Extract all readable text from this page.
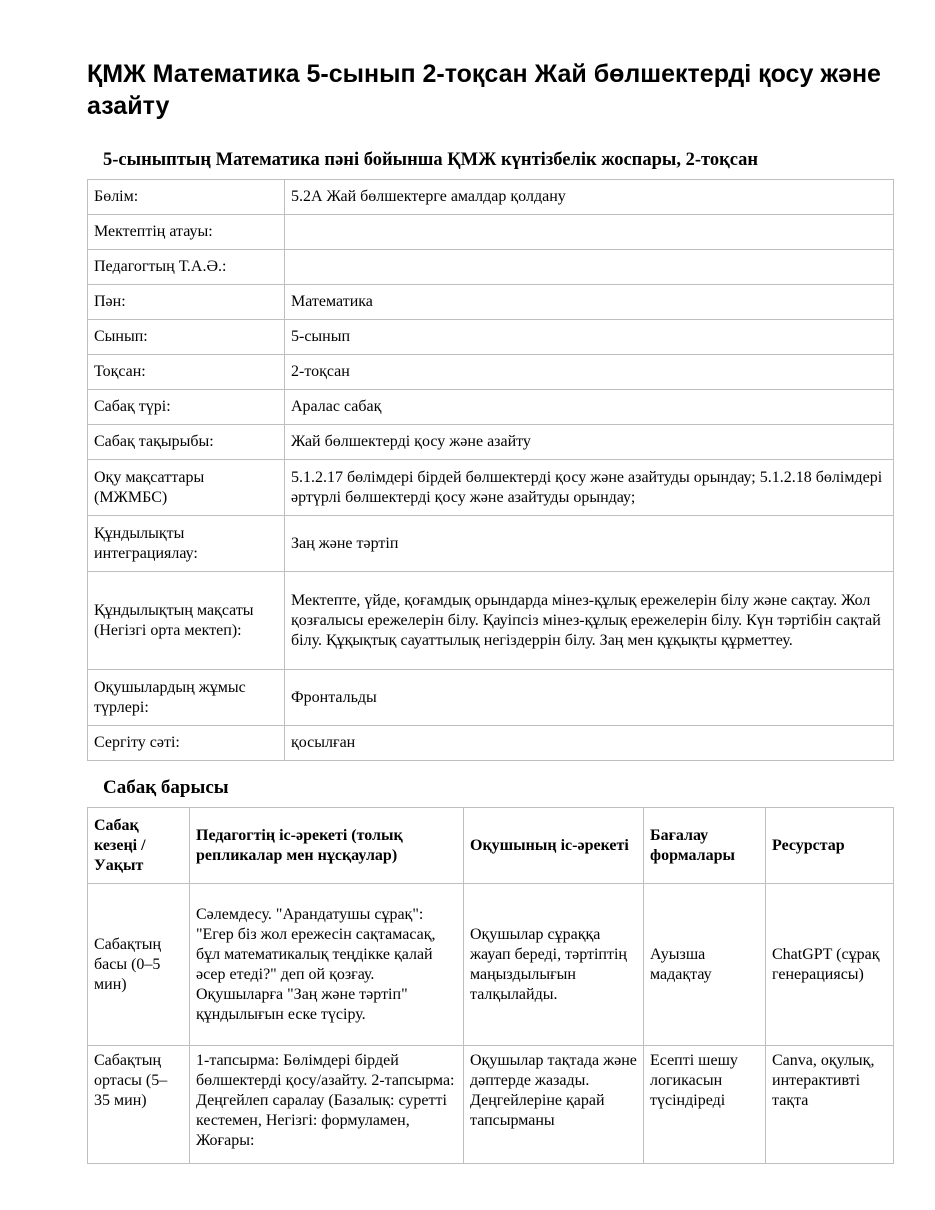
ҚМЖ Математика 5-сынып 2-тоқсан Жай бөлшектерді қосу және азайту
5-сыныптың Математика пәні бойынша ҚМЖ күнтізбелік жоспары, 2-тоқсан
Бөлім:	5.2А Жай бөлшектерге амалдар қолдану
Мектептің атауы:	
Педагогтың Т.А.Ә.:	
Пән:	Математика
Сынып:	5-сынып
Тоқсан:	2-тоқсан
Сабақ түрі:	Аралас сабақ
Сабақ тақырыбы:	Жай бөлшектерді қосу және азайту
Оқу мақсаттары (МЖМБС)	5.1.2.17 бөлімдері бірдей бөлшектерді қосу және азайтуды орындау; 5.1.2.18 бөлімдері әртүрлі бөлшектерді қосу және азайтуды орындау;
Құндылықты интеграциялау:	Заң және тәртіп
Құндылықтың мақсаты (Негізгі орта мектеп):	Мектепте, үйде, қоғамдық орындарда мінез-құлық ережелерін білу және сақтау. Жол қозғалысы ережелерін білу. Қауіпсіз мінез-құлық ережелерін білу. Күн тәртібін сақтай білу. Құқықтық сауаттылық негіздеррін білу. Заң мен құқықты құрметтеу.
Оқушылардың жұмыс түрлері:	Фронтальды
Сергіту сәті:	қосылған
Сабақ барысы
Сабақ кезеңі / Уақыт	Педагогтің іс-әрекеті (толық репликалар мен нұсқаулар)	Оқушының іс-әрекеті	Бағалау формалары	Ресурстар
Сабақтың басы (0–5 мин)	Сәлемдесу. "Арандатушы сұрақ": "Егер біз жол ережесін сақтамасақ, бұл математикалық теңдікке қалай әсер етеді?" деп ой қозғау. Оқушыларға "Заң және тәртіп" құндылығын еске түсіру.	Оқушылар сұраққа жауап береді, тәртіптің маңыздылығын талқылайды.	Ауызша мадақтау	ChatGPT (сұрақ генерациясы)
Сабақтың ортасы (5–35 мин)	1-тапсырма: Бөлімдері бірдей бөлшектерді қосу/азайту. 2-тапсырма: Деңгейлеп саралау (Базалық: суретті кестемен, Негізгі: формуламен, Жоғары:	Оқушылар тақтада және дәптерде жазады. Деңгейлеріне қарай тапсырманы	Есепті шешу логикасын түсіндіреді	Canva, оқулық, интерактивті тақта
